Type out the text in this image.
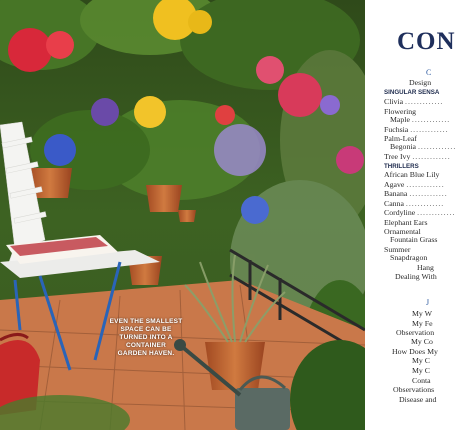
EVEN THE SMALLEST
SPACE CAN BE
TURNED INTO A CONTAINER
GARDEN HAVEN.
CON
C
Design
SINGULAR SENSA
Clivia .............
Flowering
Maple .............
Fuchsia .............
Palm-Leaf
Begonia .............
Tree Ivy .............
THRILLERS
African Blue Lily
Agave .............
Banana .............
Canna .............
Cordyline .............
Elephant Ears
Ornamental
Fountain Grass
Summer
Snapdragon
Hang
Dealing With
J
My W
My Fe
Observation
My Co
How Does My
My C
My C
Conta
Observations
Disease and
